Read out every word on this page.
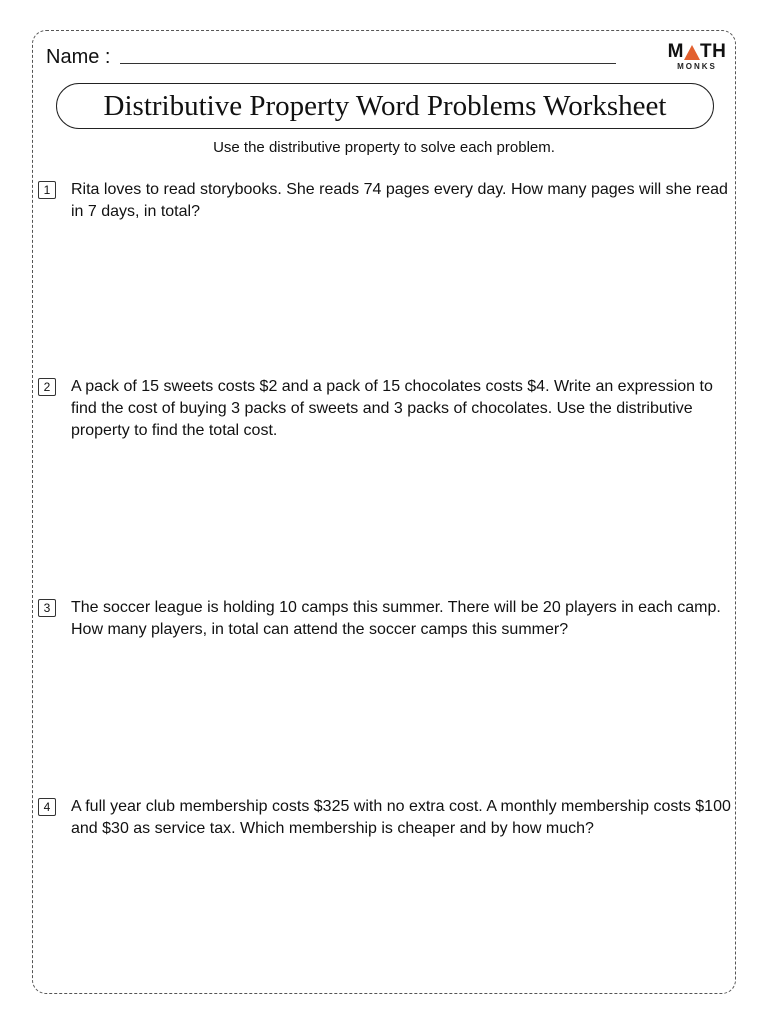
Name :	M TH
MONKS
Distributive Property Word Problems Worksheet
Use the distributive property to solve each problem.
1	Rita loves to read storybooks. She reads 74 pages every day. How many pages will she read in 7 days, in total?
2	A pack of 15 sweets costs $2 and a pack of 15 chocolates costs $4. Write an expression to find the cost of buying 3 packs of sweets and 3 packs of chocolates. Use the distributive property to find the total cost.
3	The soccer league is holding 10 camps this summer. There will be 20 players in each camp. How many players, in total can attend the soccer camps this summer?
4	A full year club membership costs $325 with no extra cost. A monthly membership costs $100 and $30 as service tax. Which membership is cheaper and by how much?
